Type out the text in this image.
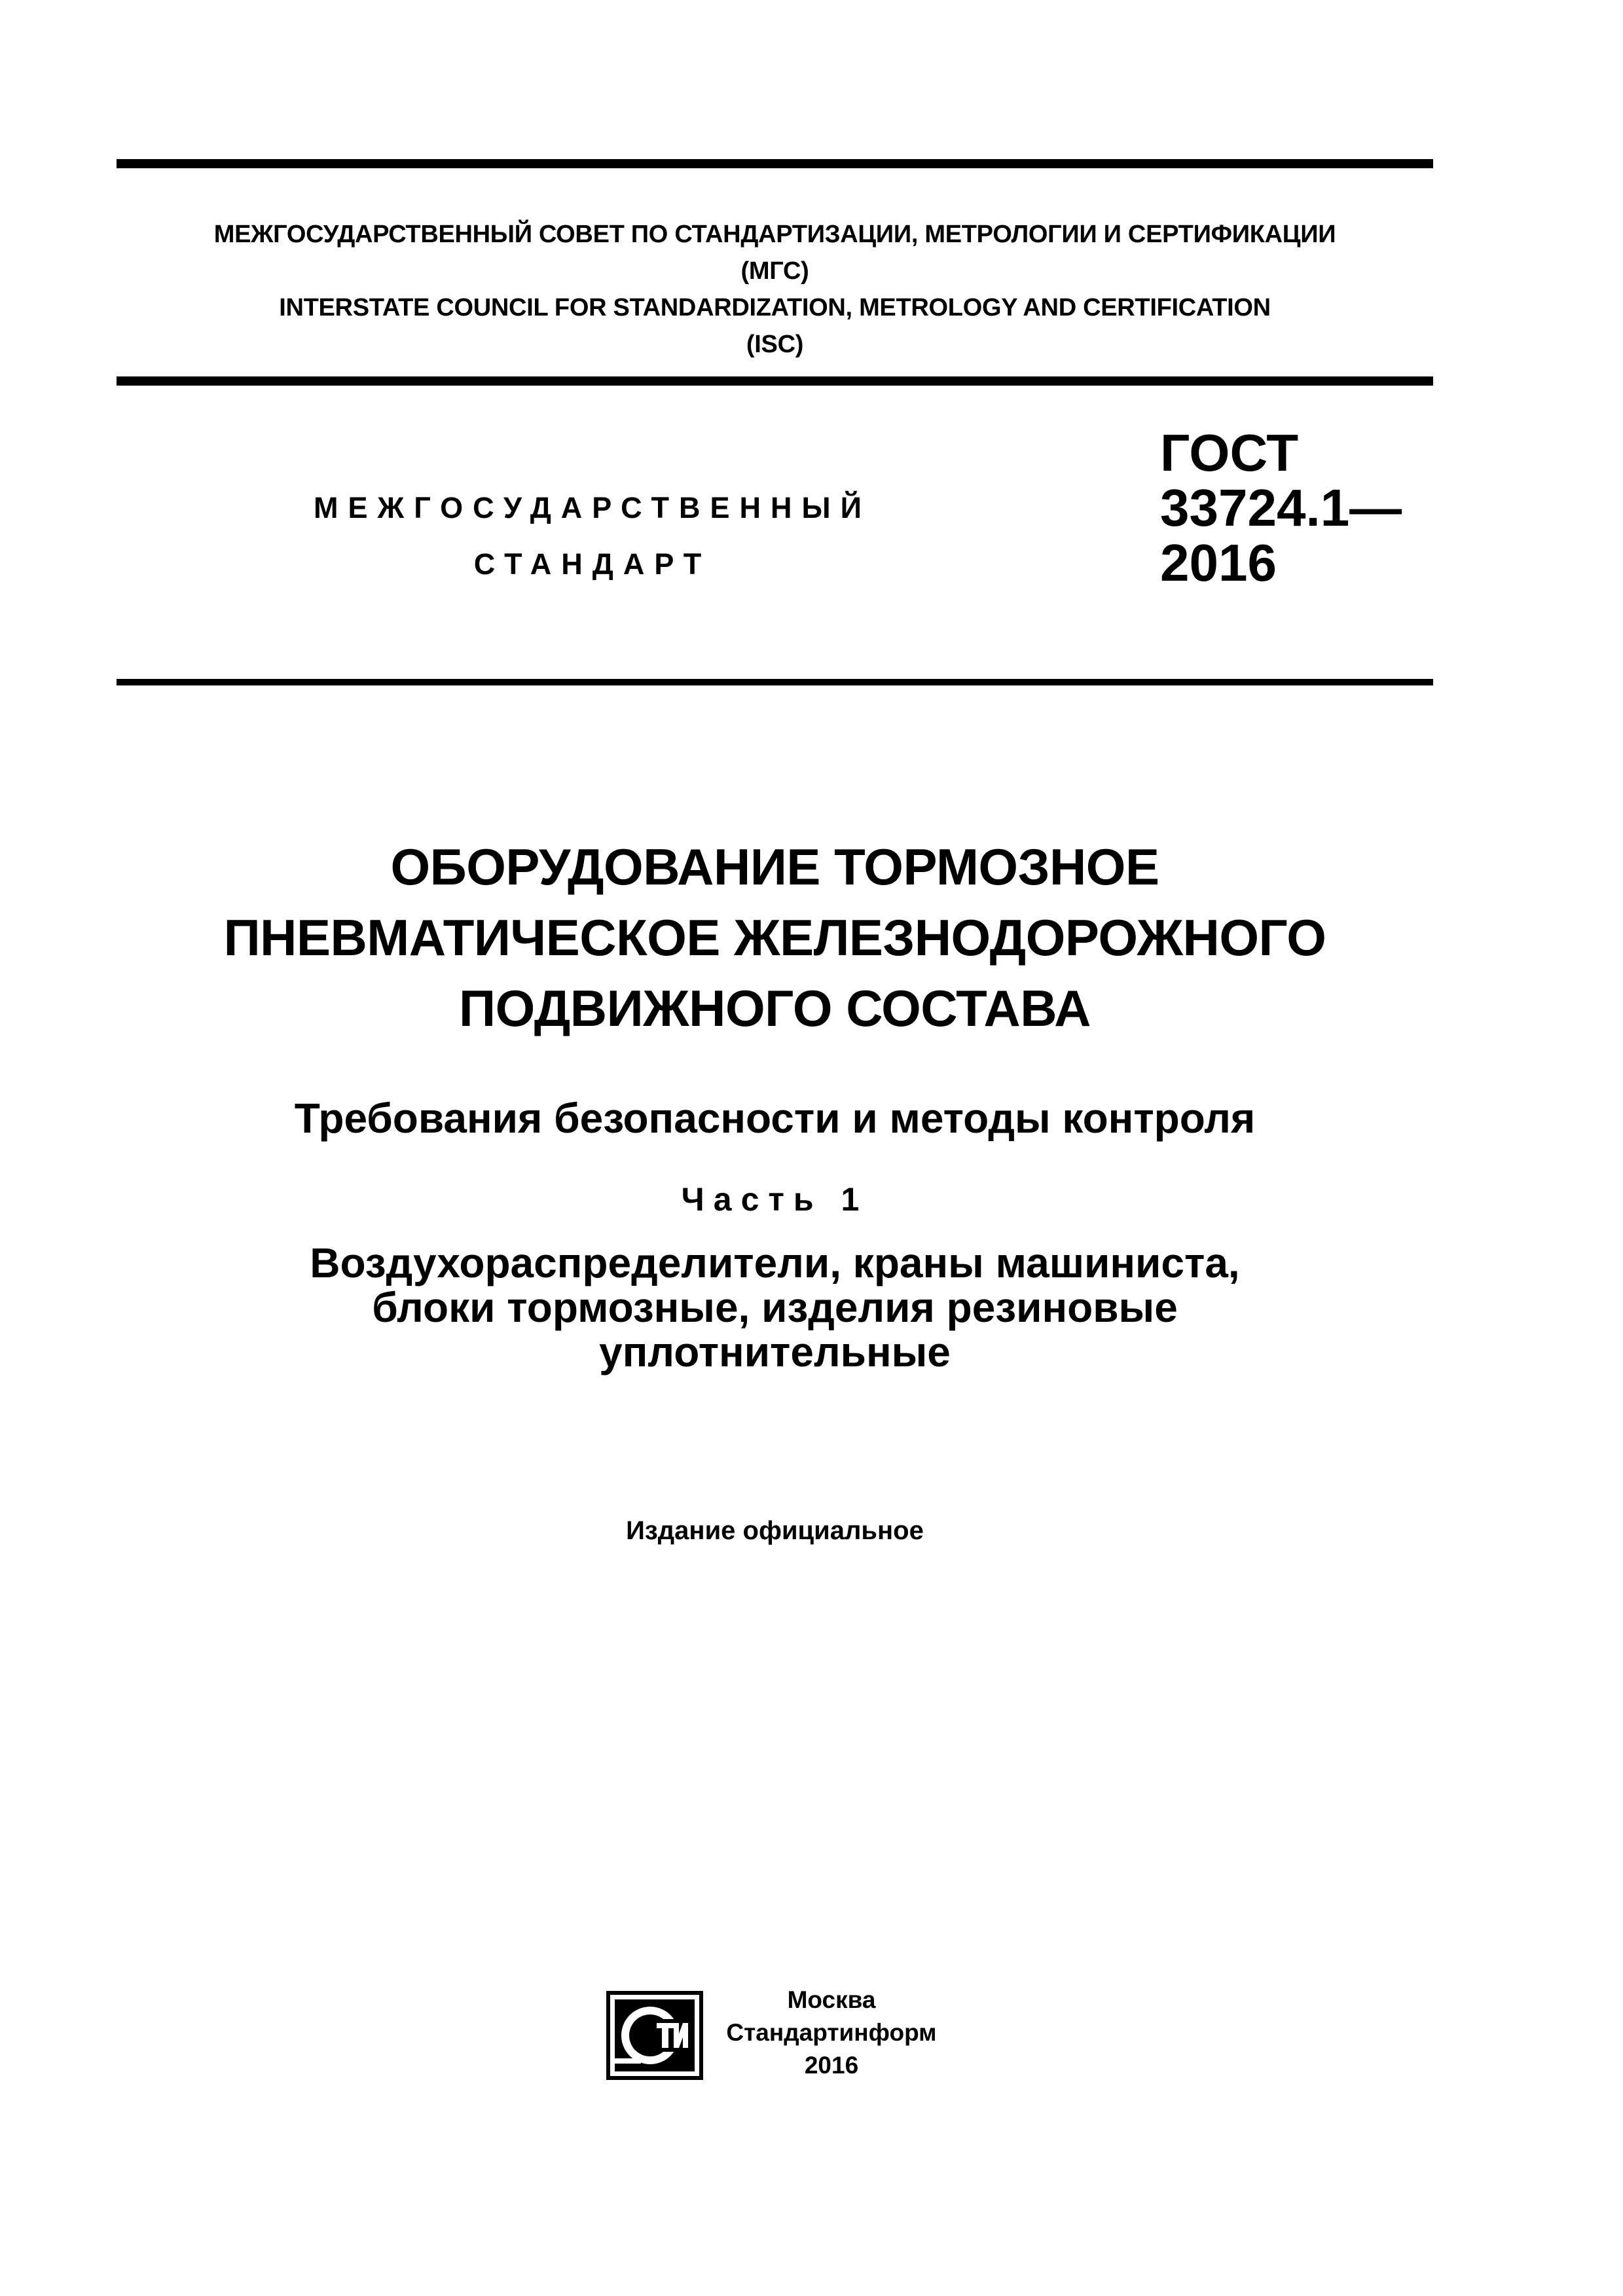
МЕЖГОСУДАРСТВЕННЫЙ СОВЕТ ПО СТАНДАРТИЗАЦИИ, МЕТРОЛОГИИ И СЕРТИФИКАЦИИ
(МГС)
INTERSTATE COUNCIL FOR STANDARDIZATION, METROLOGY AND CERTIFICATION
(ISC)
МЕЖГОСУДАРСТВЕННЫЙ
СТАНДАРТ
ГОСТ
33724.1—
2016
ОБОРУДОВАНИЕ ТОРМОЗНОЕ
ПНЕВМАТИЧЕСКОЕ ЖЕЛЕЗНОДОРОЖНОГО
ПОДВИЖНОГО СОСТАВА
Требования безопасности и методы контроля
Часть 1
Воздухораспределители, краны машиниста,
блоки тормозные, изделия резиновые
уплотнительные
Издание официальное
Москва
Стандартинформ
2016
